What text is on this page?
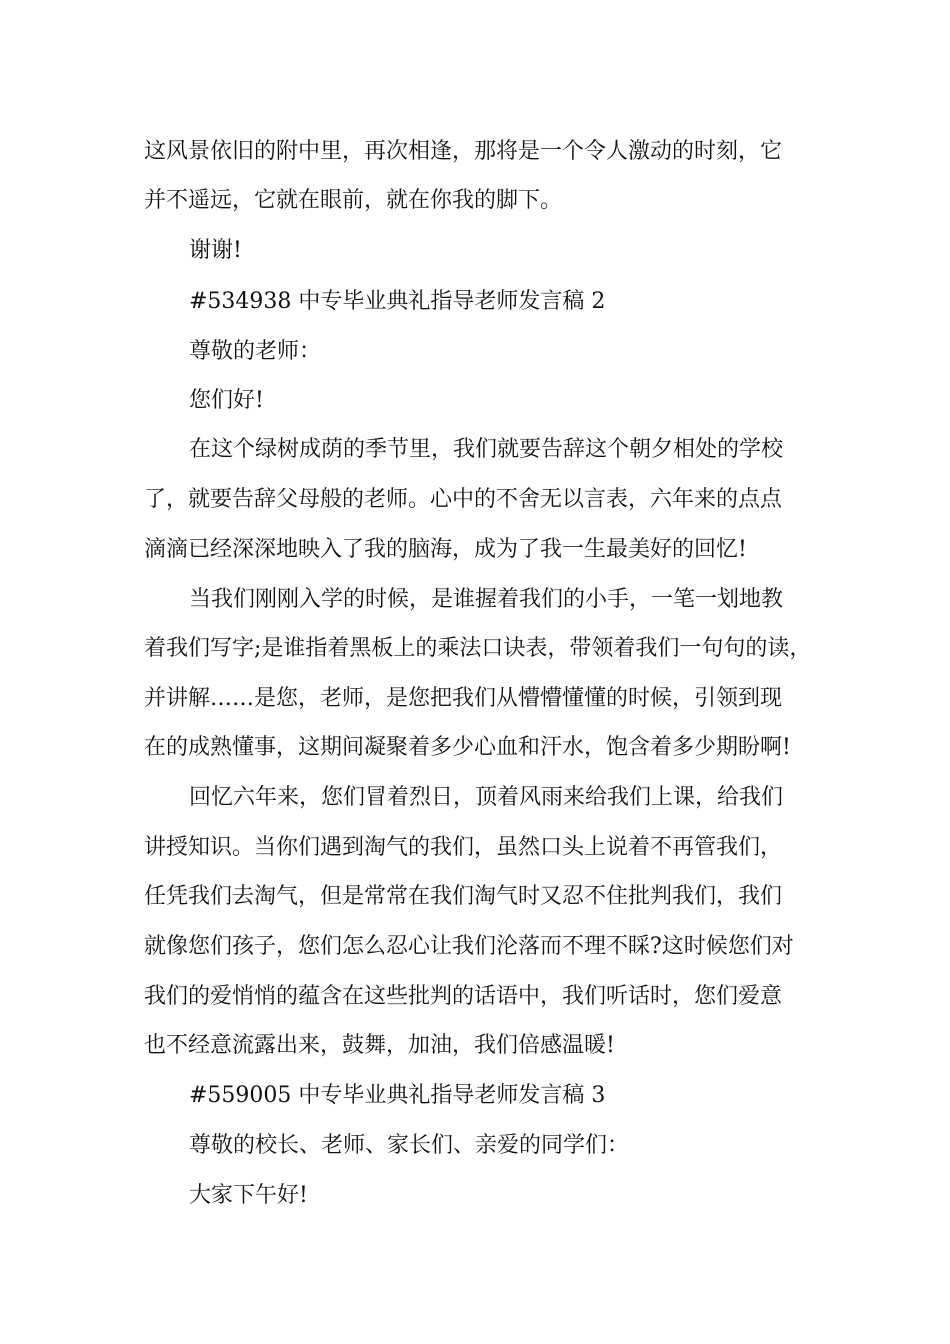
这风景依旧的附中里，再次相逢，那将是一个令人激动的时刻，它

并不遥远，它就在眼前，就在你我的脚下。

谢谢!

#534938 中专毕业典礼指导老师发言稿 2

尊敬的老师：

您们好!

在这个绿树成荫的季节里，我们就要告辞这个朝夕相处的学校

了，就要告辞父母般的老师。心中的不舍无以言表，六年来的点点

滴滴已经深深地映入了我的脑海，成为了我一生最美好的回忆!

当我们刚刚入学的时候，是谁握着我们的小手，一笔一划地教

着我们写字;是谁指着黑板上的乘法口诀表，带领着我们一句句的读，

并讲解……是您，老师，是您把我们从懵懵懂懂的时候，引领到现

在的成熟懂事，这期间凝聚着多少心血和汗水，饱含着多少期盼啊!

回忆六年来，您们冒着烈日，顶着风雨来给我们上课，给我们

讲授知识。当你们遇到淘气的我们，虽然口头上说着不再管我们，

任凭我们去淘气，但是常常在我们淘气时又忍不住批判我们，我们

就像您们孩子，您们怎么忍心让我们沦落而不理不睬?这时候您们对

我们的爱悄悄的蕴含在这些批判的话语中，我们听话时，您们爱意

也不经意流露出来，鼓舞，加油，我们倍感温暖!

#559005 中专毕业典礼指导老师发言稿 3

尊敬的校长、老师、家长们、亲爱的同学们：

大家下午好!
